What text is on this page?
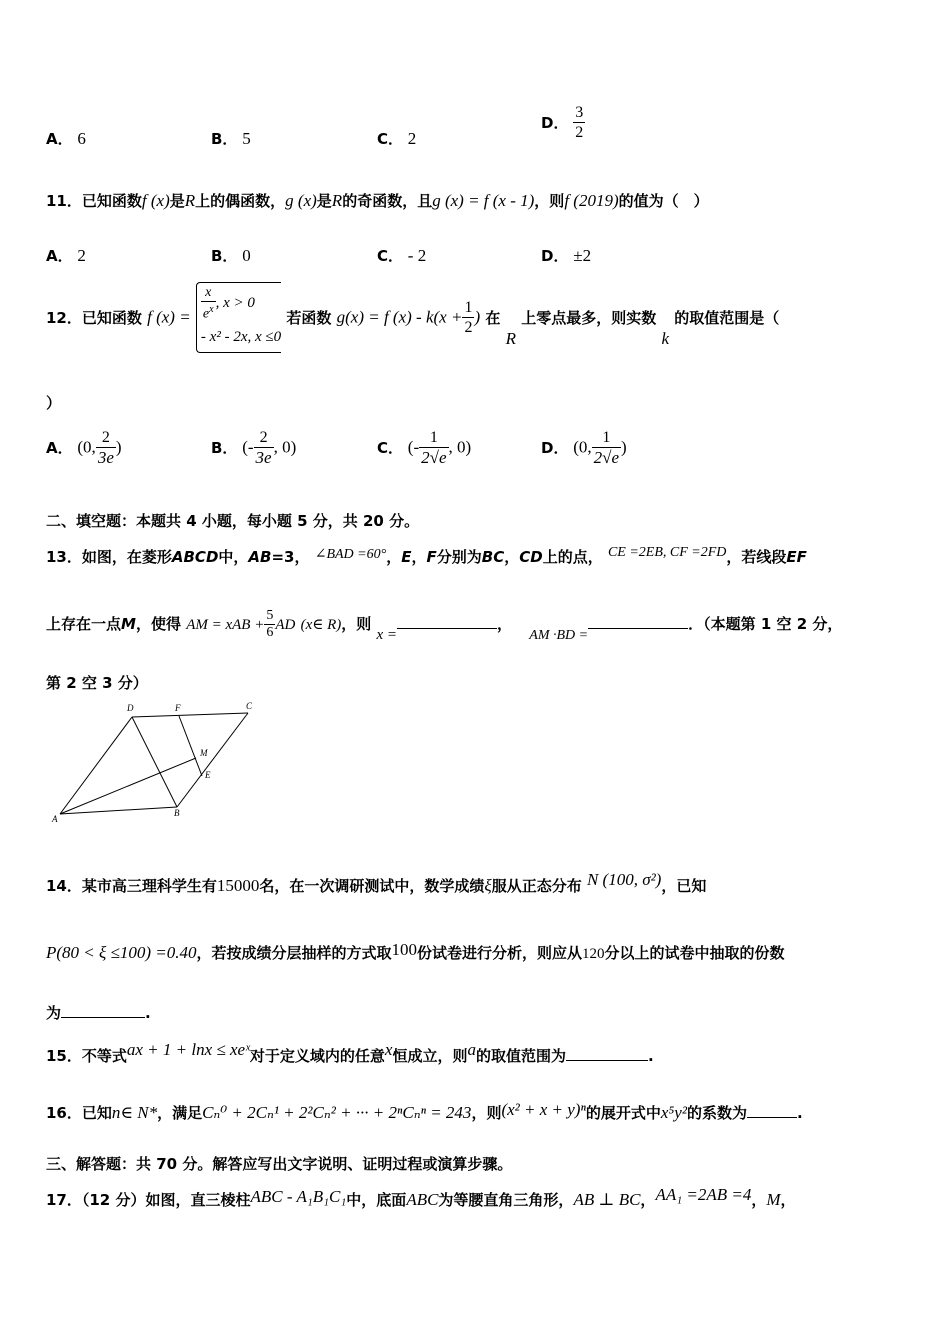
A． 6	B． 5	C． 2
D． $\frac{3}{2}$
11．已知函数f (x)是R上的偶函数，g (x)是R的奇函数，且g (x) = f (x - 1)，则f (2019)的值为（　）
A． 2	B． 0	C． - 2	D． ±2
12．已知函数 f $(x) = \frac{x}{e^x}$ , x > 0
- x² - 2x, x ≤0 若函数 g(x) = f $(x) - k(x + \frac{1}{2}$ ) 在 R 上零点最多，则实数 k 的取值范围是（
）
A． (0, $\frac{2}{3e}$ )	B． (- $\frac{2}{3e}$ , 0)	C． (- $\frac{1}{2√e}$ , 0)	D． (0, $\frac{1}{2√e}$ )
二、填空题：本题共 4 小题，每小题 5 分，共 20 分。
13．如图，在菱形ABCD中，AB=3， ∠BAD =60°，E，F分别为BC，CD上的点， CE =2EB, CF =2FD，若线段EF
上存在一点M，使得 AM = xAB + $\frac{5}{6}$ AD (x∈ R)，则 x =， AM ·BD =．（本题第 1 空 2 分，
第 2 空 3 分）
D	F	C
M
E
A
B
14．某市高三理科学生有15000名，在一次调研测试中，数学成绩ξ服从正态分布 N (100, σ²)，已知
P(80 < ξ ≤100) =0.40，若按成绩分层抽样的方式取100份试卷进行分析，则应从120分以上的试卷中抽取的份数
为	.
15．不等式ax + 1 + lnx ≤ xeˣ对于定义域内的任意x恒成立，则a的取值范围为	.
16．已知n∈ N*，满足Cₙ⁰ + 2Cₙ¹ + 2²Cₙ² + ··· + 2ⁿCₙⁿ = 243，则(x² + x + y)ⁿ的展开式中x⁵y²的系数为	.
三、解答题：共 70 分。解答应写出文字说明、证明过程或演算步骤。
17．（12 分）如图，直三棱柱ABC - A₁B₁C₁中，底面ABC为等腰直角三角形，AB ⊥ BC，AA₁ =2AB =4，M，
